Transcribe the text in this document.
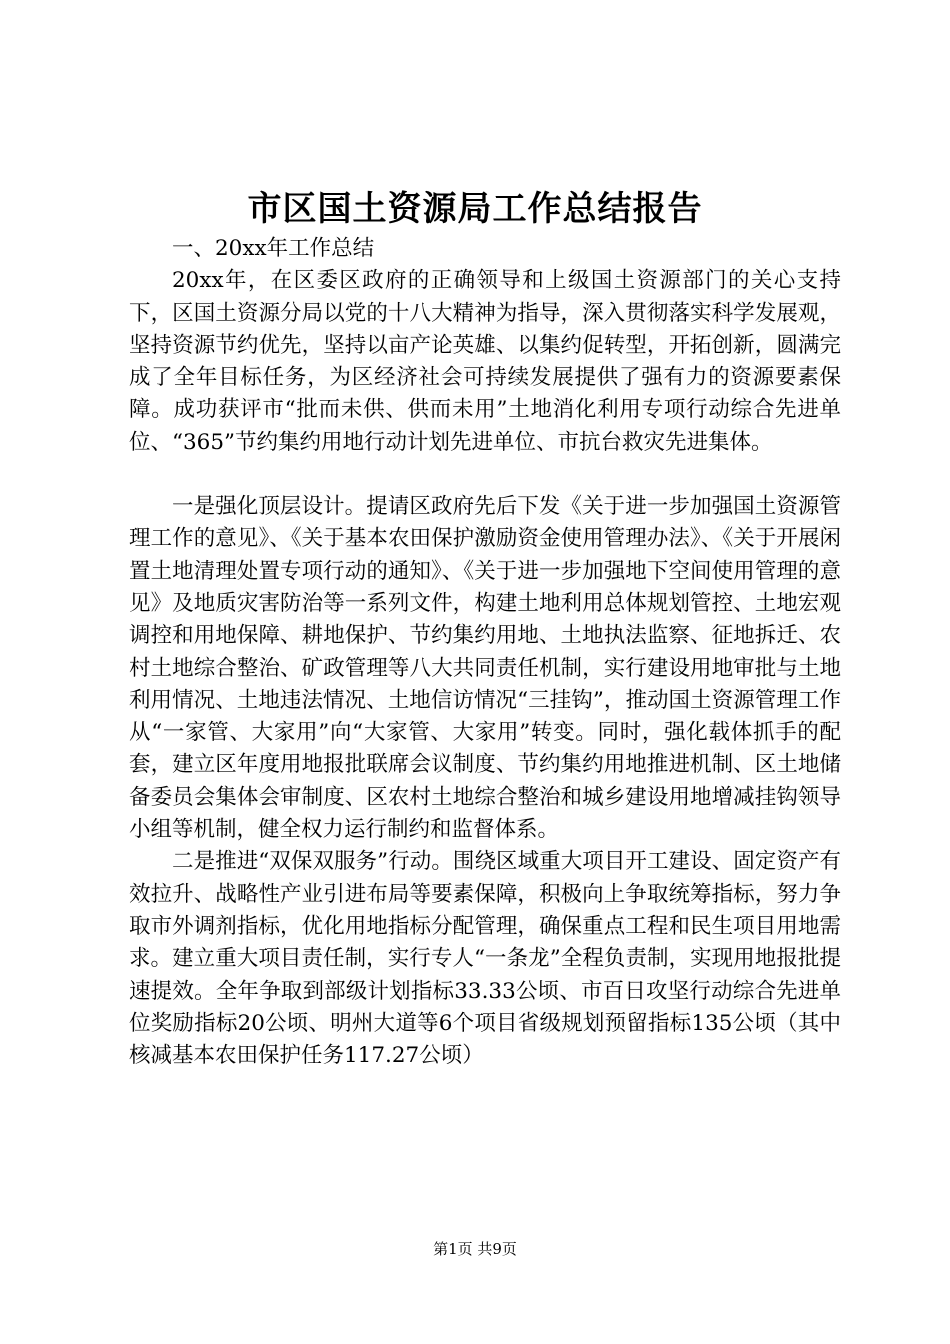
市区国土资源局工作总结报告

一、20xx年工作总结

20xx年，在区委区政府的正确领导和上级国土资源部门的关心支持下，区国土资源分局以党的十八大精神为指导，深入贯彻落实科学发展观，坚持资源节约优先，坚持以亩产论英雄、以集约促转型，开拓创新，圆满完成了全年目标任务，为区经济社会可持续发展提供了强有力的资源要素保障。成功获评市“批而未供、供而未用”土地消化利用专项行动综合先进单位、“365”节约集约用地行动计划先进单位、市抗台救灾先进集体。

一是强化顶层设计。提请区政府先后下发《关于进一步加强国土资源管理工作的意见》、《关于基本农田保护激励资金使用管理办法》、《关于开展闲置土地清理处置专项行动的通知》、《关于进一步加强地下空间使用管理的意见》及地质灾害防治等一系列文件，构建土地利用总体规划管控、土地宏观调控和用地保障、耕地保护、节约集约用地、土地执法监察、征地拆迁、农村土地综合整治、矿政管理等八大共同责任机制，实行建设用地审批与土地利用情况、土地违法情况、土地信访情况“三挂钩”，推动国土资源管理工作从“一家管、大家用”向“大家管、大家用”转变。同时，强化载体抓手的配套，建立区年度用地报批联席会议制度、节约集约用地推进机制、区土地储备委员会集体会审制度、区农村土地综合整治和城乡建设用地增减挂钩领导小组等机制，健全权力运行制约和监督体系。

二是推进“双保双服务”行动。围绕区域重大项目开工建设、固定资产有效拉升、战略性产业引进布局等要素保障，积极向上争取统筹指标，努力争取市外调剂指标，优化用地指标分配管理，确保重点工程和民生项目用地需求。建立重大项目责任制，实行专人“一条龙”全程负责制，实现用地报批提速提效。全年争取到部级计划指标33.33公顷、市百日攻坚行动综合先进单位奖励指标20公顷、明州大道等6个项目省级规划预留指标135公顷（其中核减基本农田保护任务117.27公顷）

第1页 共9页
